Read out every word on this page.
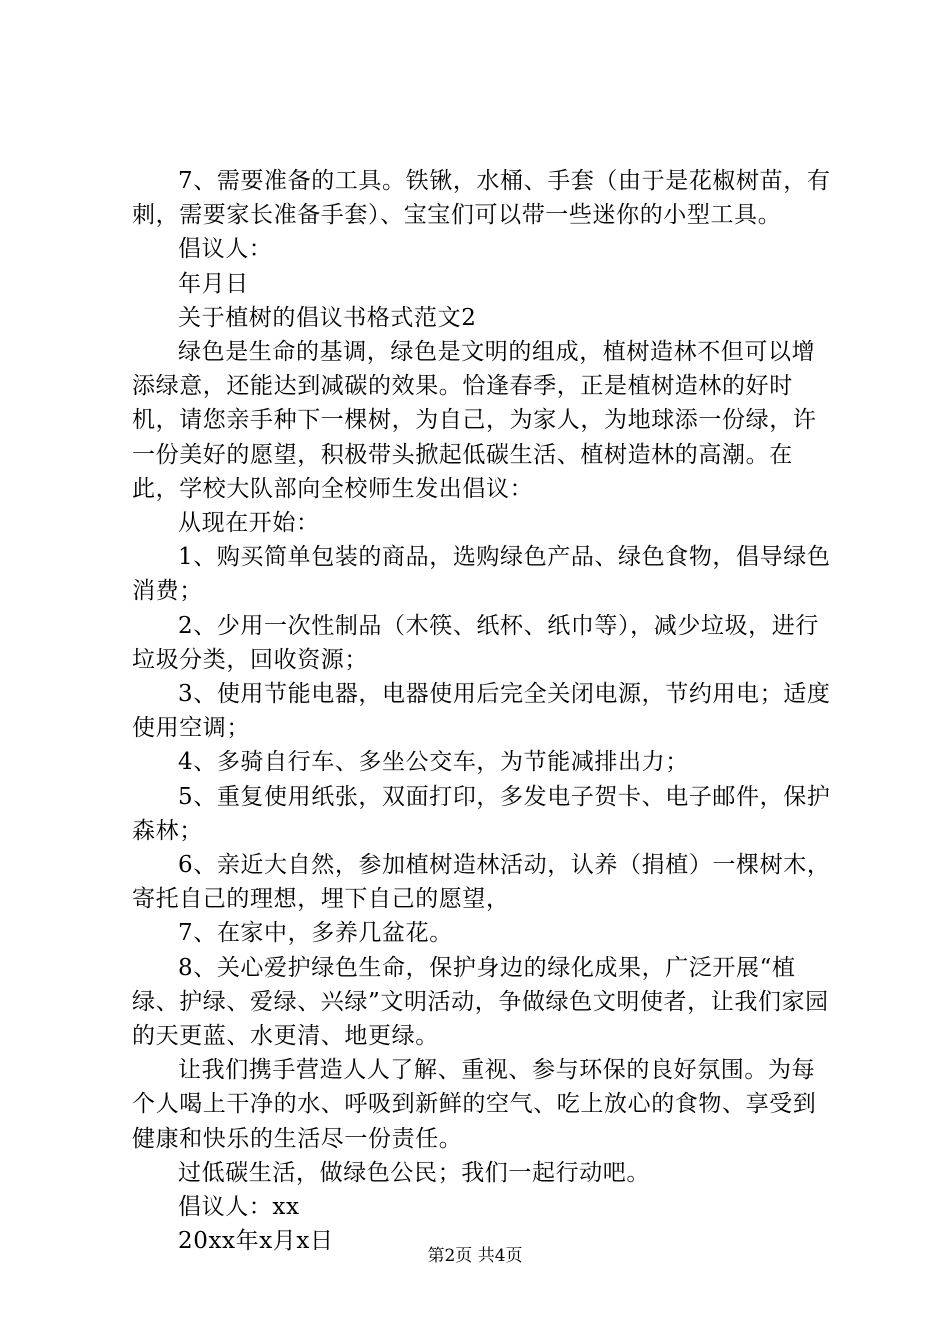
7、需要准备的工具。铁锹，水桶、手套（由于是花椒树苗，有刺，需要家长准备手套）、宝宝们可以带一些迷你的小型工具。

倡议人：

年月日

关于植树的倡议书格式范文2

绿色是生命的基调，绿色是文明的组成，植树造林不但可以增添绿意，还能达到减碳的效果。恰逢春季，正是植树造林的好时机，请您亲手种下一棵树，为自己，为家人，为地球添一份绿，许一份美好的愿望，积极带头掀起低碳生活、植树造林的高潮。在此，学校大队部向全校师生发出倡议：

从现在开始：

1、购买简单包装的商品，选购绿色产品、绿色食物，倡导绿色消费；

2、少用一次性制品（木筷、纸杯、纸巾等），减少垃圾，进行垃圾分类，回收资源；

3、使用节能电器，电器使用后完全关闭电源，节约用电；适度使用空调；

4、多骑自行车、多坐公交车，为节能减排出力；

5、重复使用纸张，双面打印，多发电子贺卡、电子邮件，保护森林；

6、亲近大自然，参加植树造林活动，认养（捐植）一棵树木，寄托自己的理想，埋下自己的愿望，

7、在家中，多养几盆花。

8、关心爱护绿色生命，保护身边的绿化成果，广泛开展“植绿、护绿、爱绿、兴绿”文明活动，争做绿色文明使者，让我们家园的天更蓝、水更清、地更绿。

让我们携手营造人人了解、重视、参与环保的良好氛围。为每个人喝上干净的水、呼吸到新鲜的空气、吃上放心的食物、享受到健康和快乐的生活尽一份责任。

过低碳生活，做绿色公民；我们一起行动吧。

倡议人：xx

20xx年x月x日

第2页 共4页
